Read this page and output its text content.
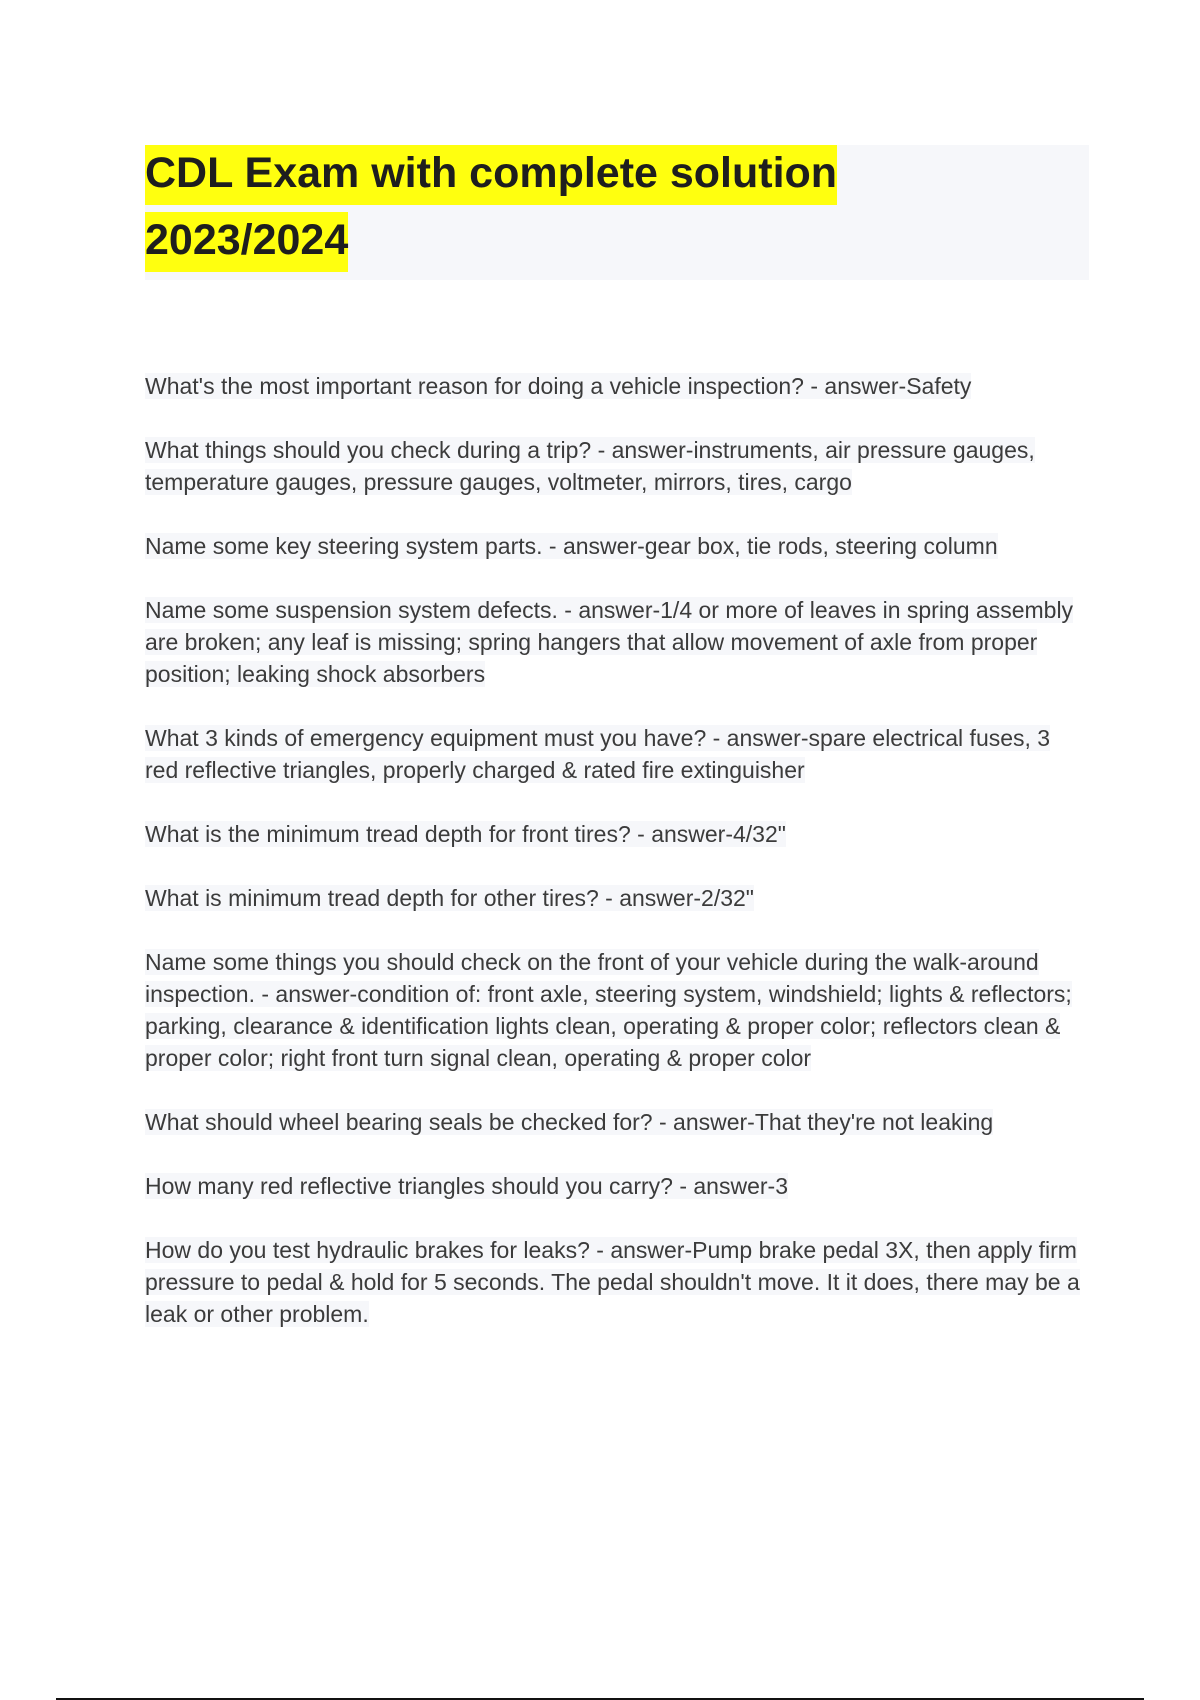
CDL Exam with complete solution
2023/2024

What's the most important reason for doing a vehicle inspection? - answer-Safety

What things should you check during a trip? - answer-instruments, air pressure gauges, temperature gauges, pressure gauges, voltmeter, mirrors, tires, cargo

Name some key steering system parts. - answer-gear box, tie rods, steering column

Name some suspension system defects. - answer-1/4 or more of leaves in spring assembly are broken; any leaf is missing; spring hangers that allow movement of axle from proper position; leaking shock absorbers

What 3 kinds of emergency equipment must you have? - answer-spare electrical fuses, 3 red reflective triangles, properly charged & rated fire extinguisher

What is the minimum tread depth for front tires? - answer-4/32"

What is minimum tread depth for other tires? - answer-2/32"

Name some things you should check on the front of your vehicle during the walk-around inspection. - answer-condition of: front axle, steering system, windshield; lights & reflectors; parking, clearance & identification lights clean, operating & proper color; reflectors clean & proper color; right front turn signal clean, operating & proper color

What should wheel bearing seals be checked for? - answer-That they're not leaking

How many red reflective triangles should you carry? - answer-3

How do you test hydraulic brakes for leaks? - answer-Pump brake pedal 3X, then apply firm pressure to pedal & hold for 5 seconds. The pedal shouldn't move. It it does, there may be a leak or other problem.
